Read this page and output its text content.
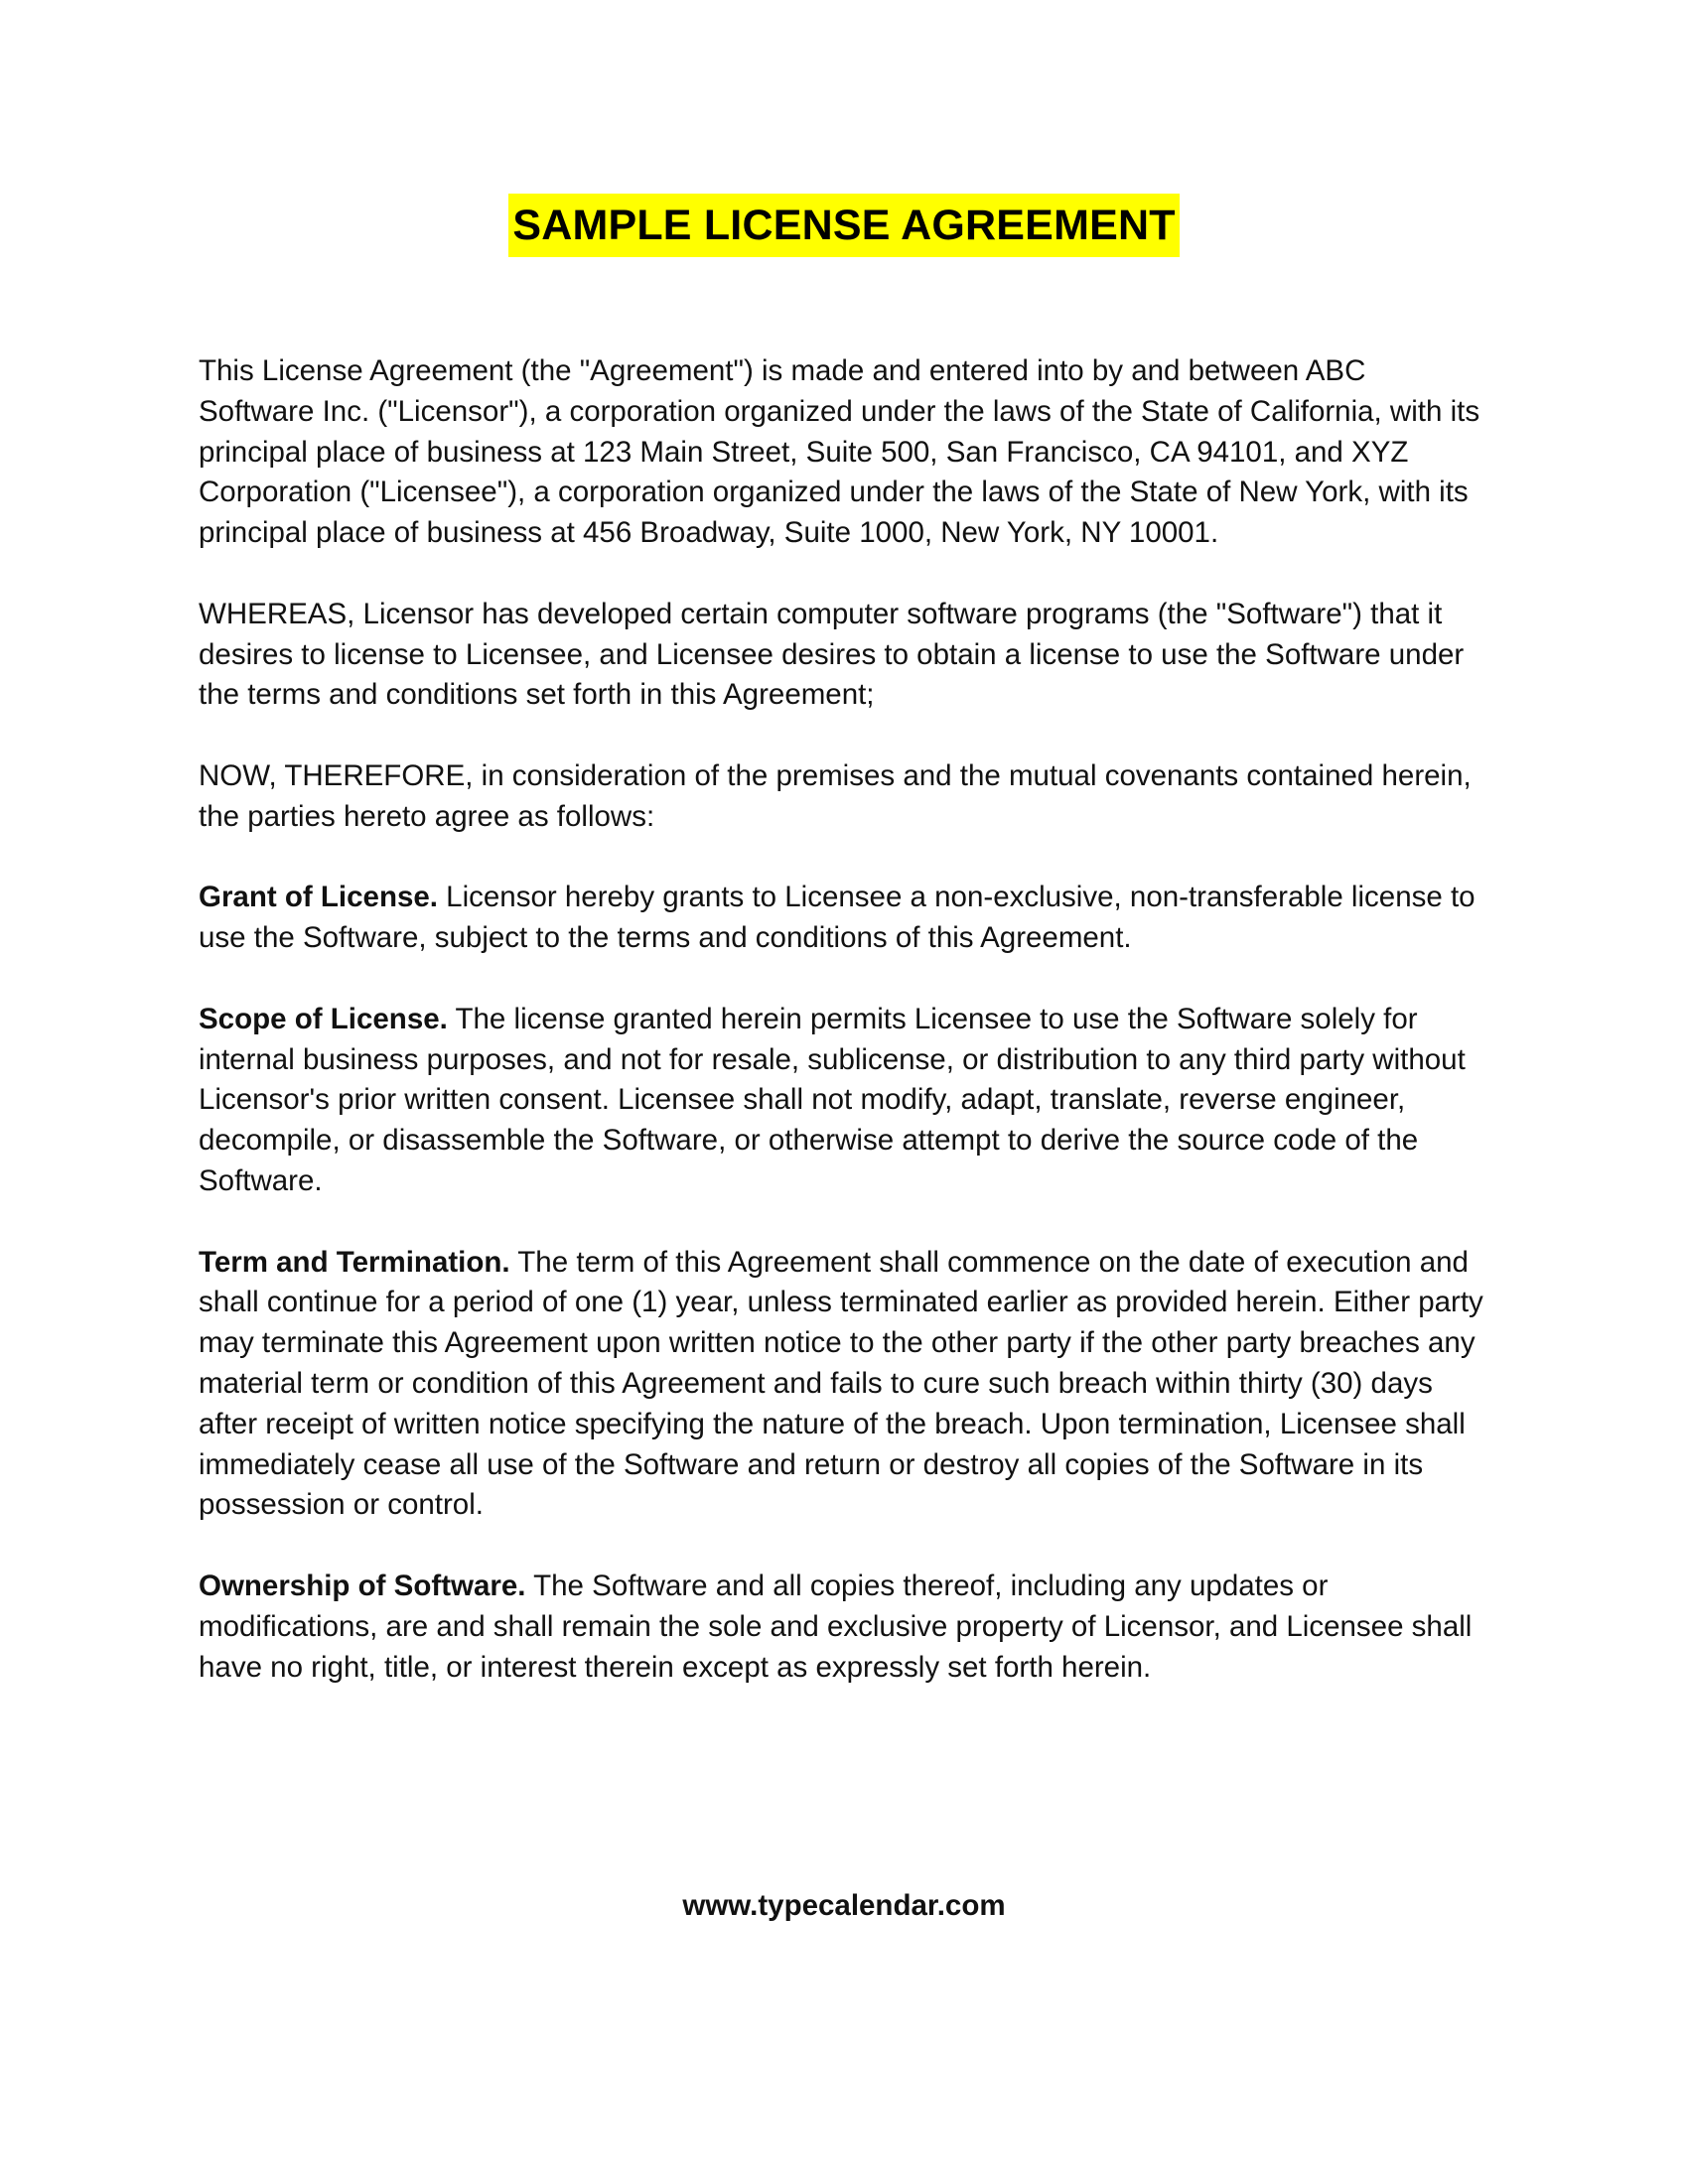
SAMPLE LICENSE AGREEMENT

This License Agreement (the "Agreement") is made and entered into by and between ABC Software Inc. ("Licensor"), a corporation organized under the laws of the State of California, with its principal place of business at 123 Main Street, Suite 500, San Francisco, CA 94101, and XYZ Corporation ("Licensee"), a corporation organized under the laws of the State of New York, with its principal place of business at 456 Broadway, Suite 1000, New York, NY 10001.

WHEREAS, Licensor has developed certain computer software programs (the "Software") that it desires to license to Licensee, and Licensee desires to obtain a license to use the Software under the terms and conditions set forth in this Agreement;

NOW, THEREFORE, in consideration of the premises and the mutual covenants contained herein, the parties hereto agree as follows:

Grant of License. Licensor hereby grants to Licensee a non-exclusive, non-transferable license to use the Software, subject to the terms and conditions of this Agreement.

Scope of License. The license granted herein permits Licensee to use the Software solely for internal business purposes, and not for resale, sublicense, or distribution to any third party without Licensor's prior written consent. Licensee shall not modify, adapt, translate, reverse engineer, decompile, or disassemble the Software, or otherwise attempt to derive the source code of the Software.

Term and Termination. The term of this Agreement shall commence on the date of execution and shall continue for a period of one (1) year, unless terminated earlier as provided herein. Either party may terminate this Agreement upon written notice to the other party if the other party breaches any material term or condition of this Agreement and fails to cure such breach within thirty (30) days after receipt of written notice specifying the nature of the breach. Upon termination, Licensee shall immediately cease all use of the Software and return or destroy all copies of the Software in its possession or control.

Ownership of Software. The Software and all copies thereof, including any updates or modifications, are and shall remain the sole and exclusive property of Licensor, and Licensee shall have no right, title, or interest therein except as expressly set forth herein.

www.typecalendar.com
